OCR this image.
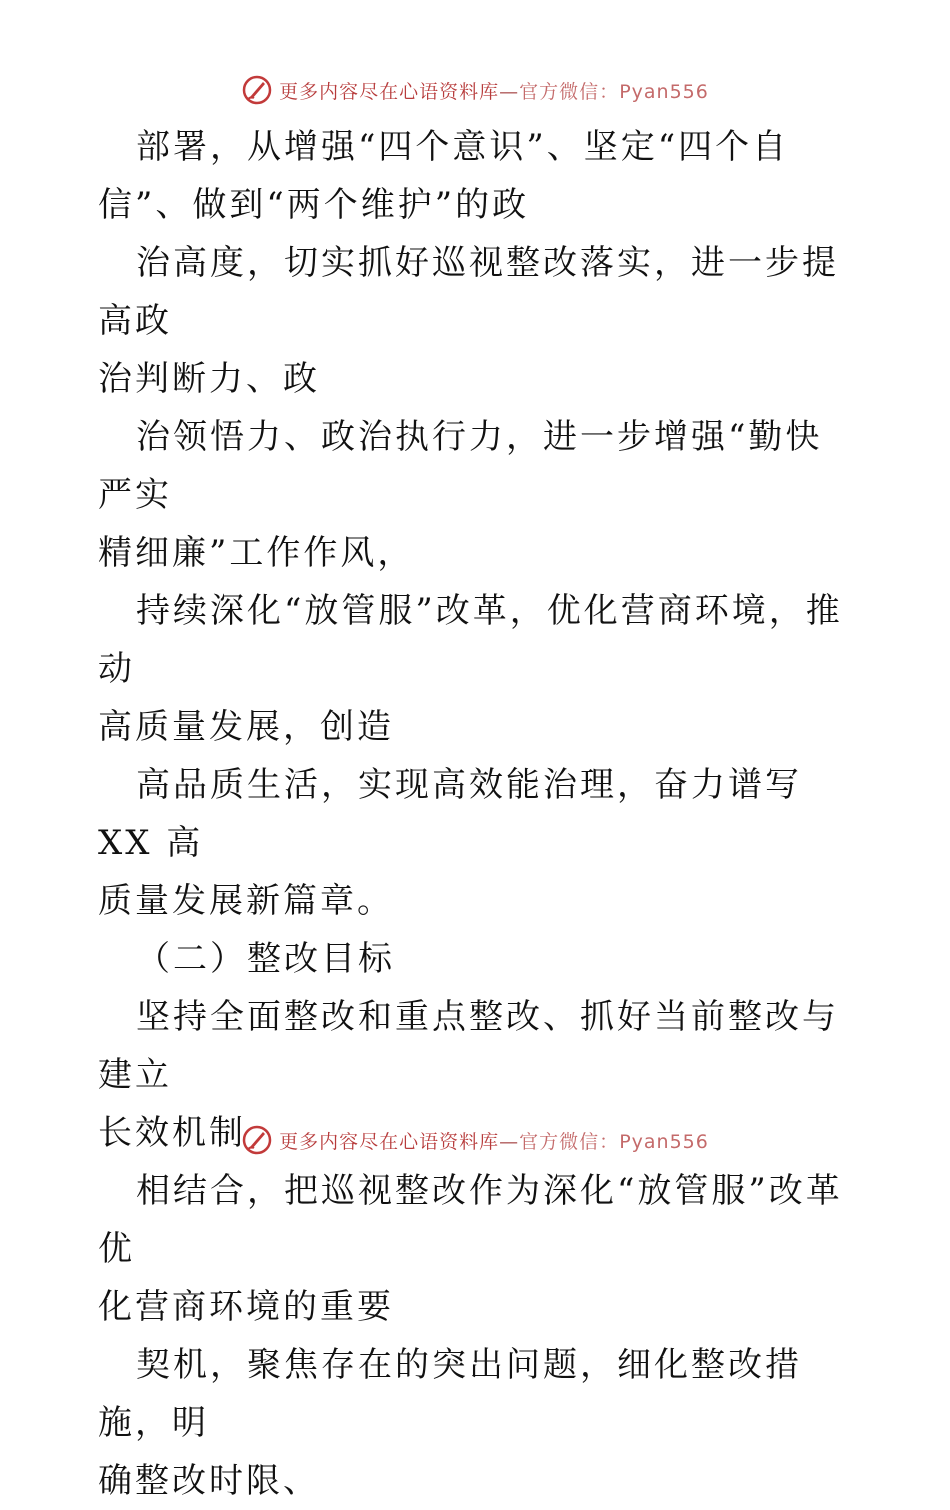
更多内容尽在心语资料库—官方微信：Pyan556

部署，从增强“四个意识”、坚定“四个自
信”、做到“两个维护”的政

治高度，切实抓好巡视整改落实，进一步提高政
治判断力、政

治领悟力、政治执行力，进一步增强“勤快严实
精细廉”工作作风，

持续深化“放管服”改革，优化营商环境，推动
高质量发展，创造

高品质生活，实现高效能治理，奋力谱写 XX 高
质量发展新篇章。

（二）整改目标

坚持全面整改和重点整改、抓好当前整改与建立
长效机制

相结合，把巡视整改作为深化“放管服”改革优
化营商环境的重要

契机，聚焦存在的突出问题，细化整改措施，明
确整改时限、

更多内容尽在心语资料库—官方微信：Pyan556
